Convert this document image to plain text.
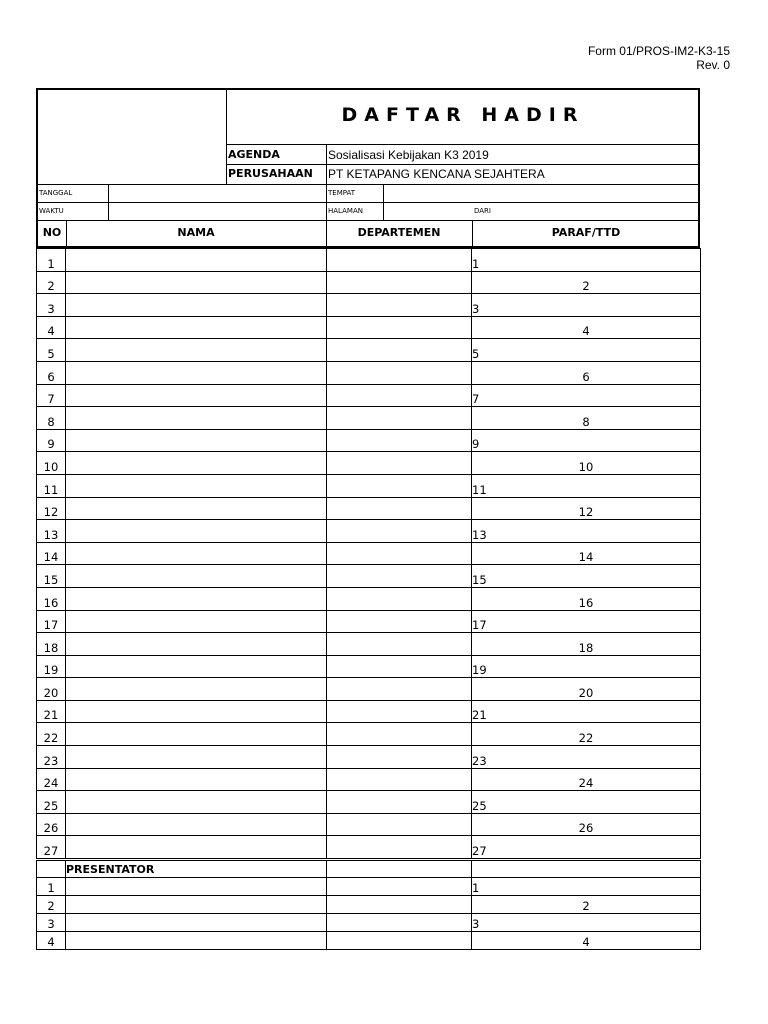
Form 01/PROS-IM2-K3-15
Rev. 0
DAFTAR HADIR
AGENDA	Sosialisasi Kebijakan K3 2019
PERUSAHAAN PT KETAPANG KENCANA SEJAHTERA
TANGGAL	TEMPAT
WAKTU	HALAMAN	DARI
NO	NAMA	DEPARTEMEN	PARAF/TTD
1			1
2			2
3			3
4			4
5			5
6			6
7			7
8			8
9			9
10			10
11			11
12			12
13			13
14			14
15			15
16			16
17			17
18			18
19			19
20			20
21			21
22			22
23			23
24			24
25			25
26			26
27			27
	PRESENTATOR		
1			1
2			2
3			3
4			4
